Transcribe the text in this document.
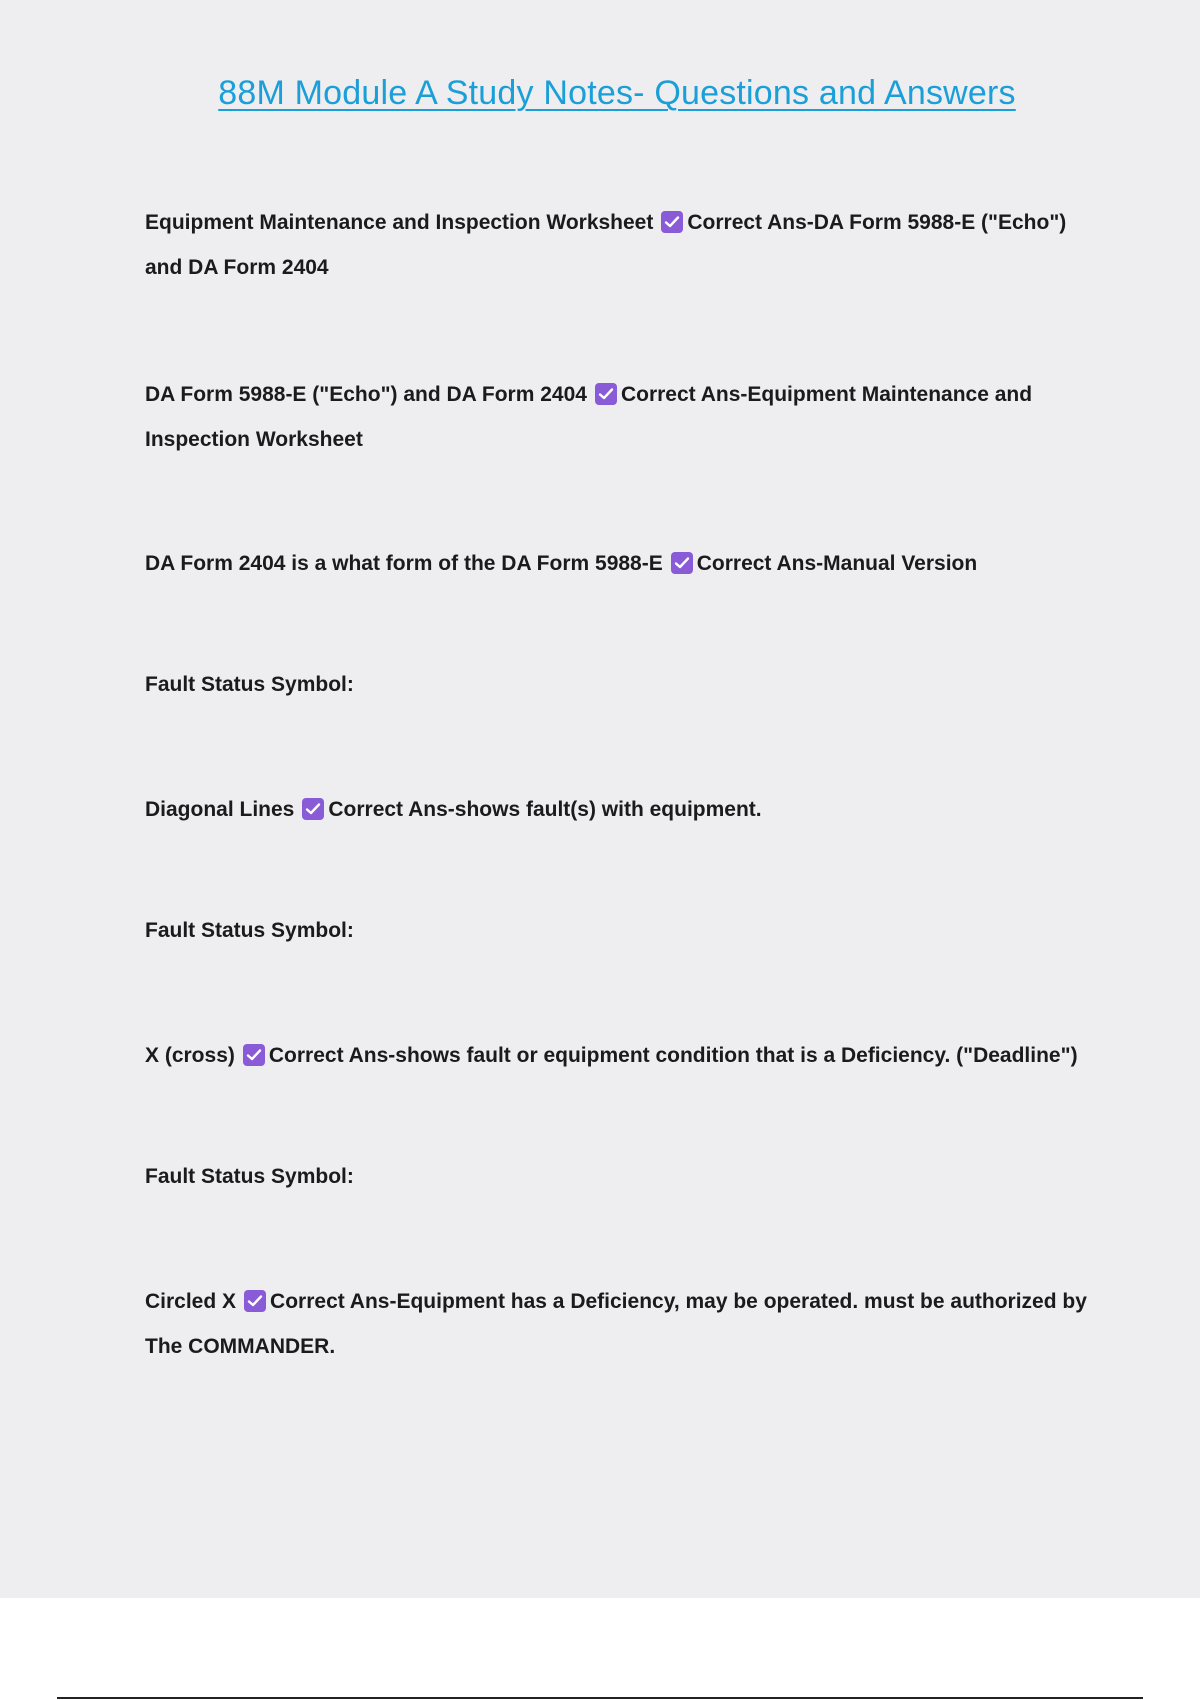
88M Module A Study Notes- Questions and Answers
Equipment Maintenance and Inspection Worksheet Correct Ans-DA Form 5988-E ("Echo")
and DA Form 2404
DA Form 5988-E ("Echo") and DA Form 2404 Correct Ans-Equipment Maintenance and
Inspection Worksheet
DA Form 2404 is a what form of the DA Form 5988-E Correct Ans-Manual Version
Fault Status Symbol:
Diagonal Lines Correct Ans-shows fault(s) with equipment.
Fault Status Symbol:
X (cross) Correct Ans-shows fault or equipment condition that is a Deficiency. ("Deadline")
Fault Status Symbol:
Circled X Correct Ans-Equipment has a Deficiency, may be operated. must be authorized by
The COMMANDER.
